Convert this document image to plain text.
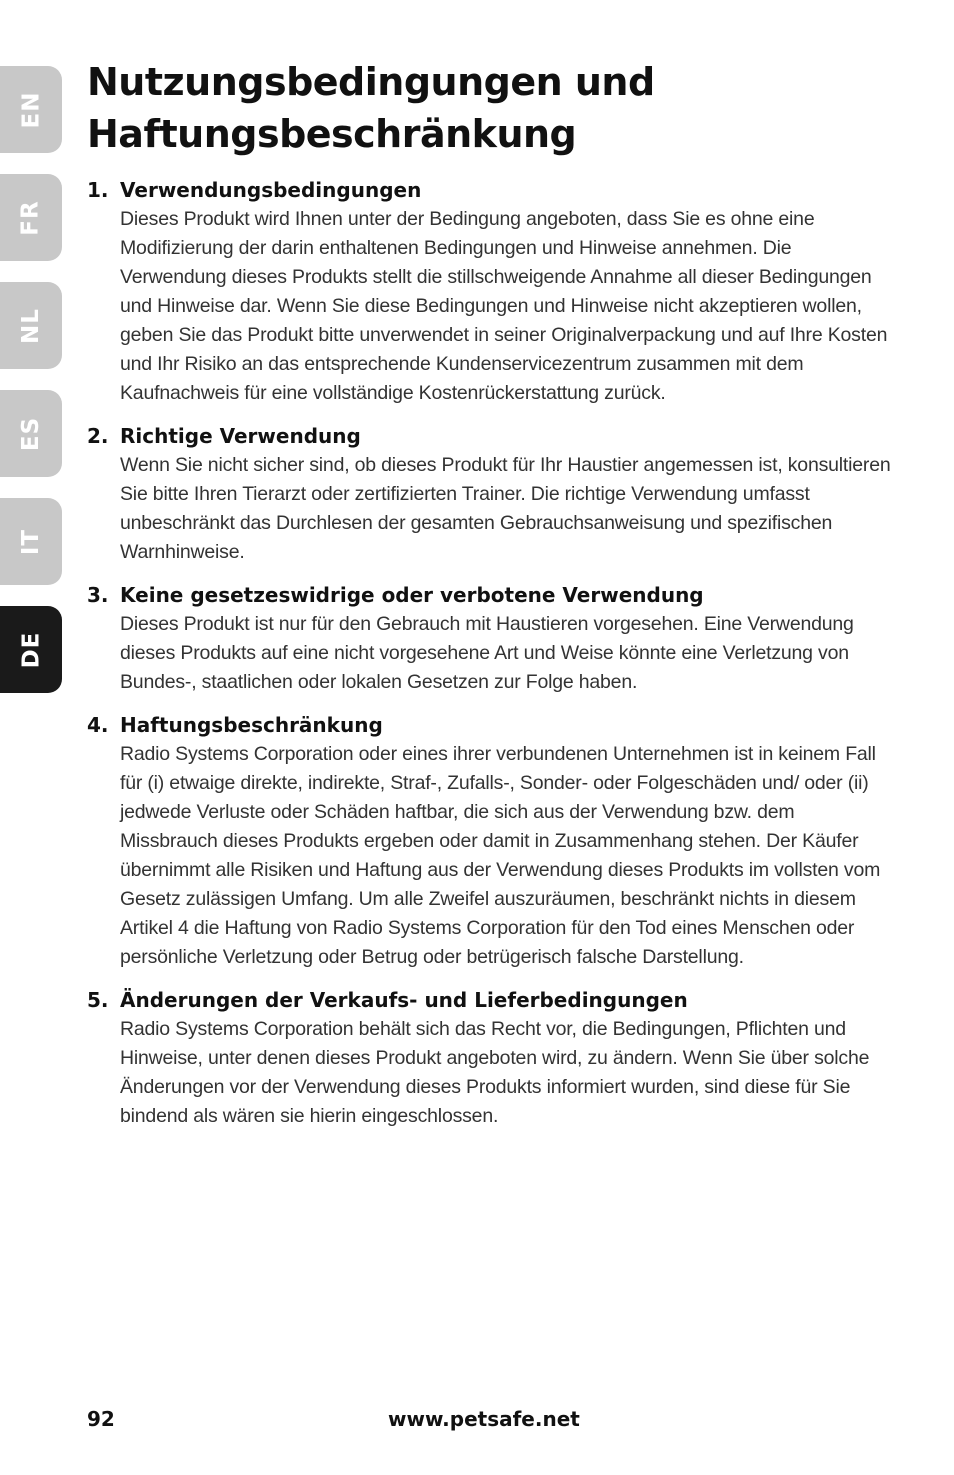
EN
FR
NL
ES
IT
DE
Nutzungsbedingungen und
Haftungsbeschränkung
1. Verwendungsbedingungen

Dieses Produkt wird Ihnen unter der Bedingung angeboten, dass Sie es ohne eine Modifizierung der darin enthaltenen Bedingungen und Hinweise annehmen. Die Verwendung dieses Produkts stellt die stillschweigende Annahme all dieser Bedingungen und Hinweise dar. Wenn Sie diese Bedingungen und Hinweise nicht akzeptieren wollen, geben Sie das Produkt bitte unverwendet in seiner Originalverpackung und auf Ihre Kosten und Ihr Risiko an das entsprechende Kundenservicezentrum zusammen mit dem Kaufnachweis für eine vollständige Kostenrückerstattung zurück.

2. Richtige Verwendung

Wenn Sie nicht sicher sind, ob dieses Produkt für Ihr Haustier angemessen ist, konsultieren Sie bitte Ihren Tierarzt oder zertifizierten Trainer. Die richtige Verwendung umfasst unbeschränkt das Durchlesen der gesamten Gebrauchsanweisung und spezifischen Warnhinweise.

3. Keine gesetzeswidrige oder verbotene Verwendung

Dieses Produkt ist nur für den Gebrauch mit Haustieren vorgesehen. Eine Verwendung dieses Produkts auf eine nicht vorgesehene Art und Weise könnte eine Verletzung von Bundes-, staatlichen oder lokalen Gesetzen zur Folge haben.

4. Haftungsbeschränkung

Radio Systems Corporation oder eines ihrer verbundenen Unternehmen ist in keinem Fall für (i) etwaige direkte, indirekte, Straf-, Zufalls-, Sonder- oder Folgeschäden und/ oder (ii) jedwede Verluste oder Schäden haftbar, die sich aus der Verwendung bzw. dem Missbrauch dieses Produkts ergeben oder damit in Zusammenhang stehen. Der Käufer übernimmt alle Risiken und Haftung aus der Verwendung dieses Produkts im vollsten vom Gesetz zulässigen Umfang. Um alle Zweifel auszuräumen, beschränkt nichts in diesem Artikel 4 die Haftung von Radio Systems Corporation für den Tod eines Menschen oder persönliche Verletzung oder Betrug oder betrügerisch falsche Darstellung.

5. Änderungen der Verkaufs- und Lieferbedingungen

Radio Systems Corporation behält sich das Recht vor, die Bedingungen, Pflichten und Hinweise, unter denen dieses Produkt angeboten wird, zu ändern. Wenn Sie über solche Änderungen vor der Verwendung dieses Produkts informiert wurden, sind diese für Sie bindend als wären sie hierin eingeschlossen.

92	www.petsafe.net
